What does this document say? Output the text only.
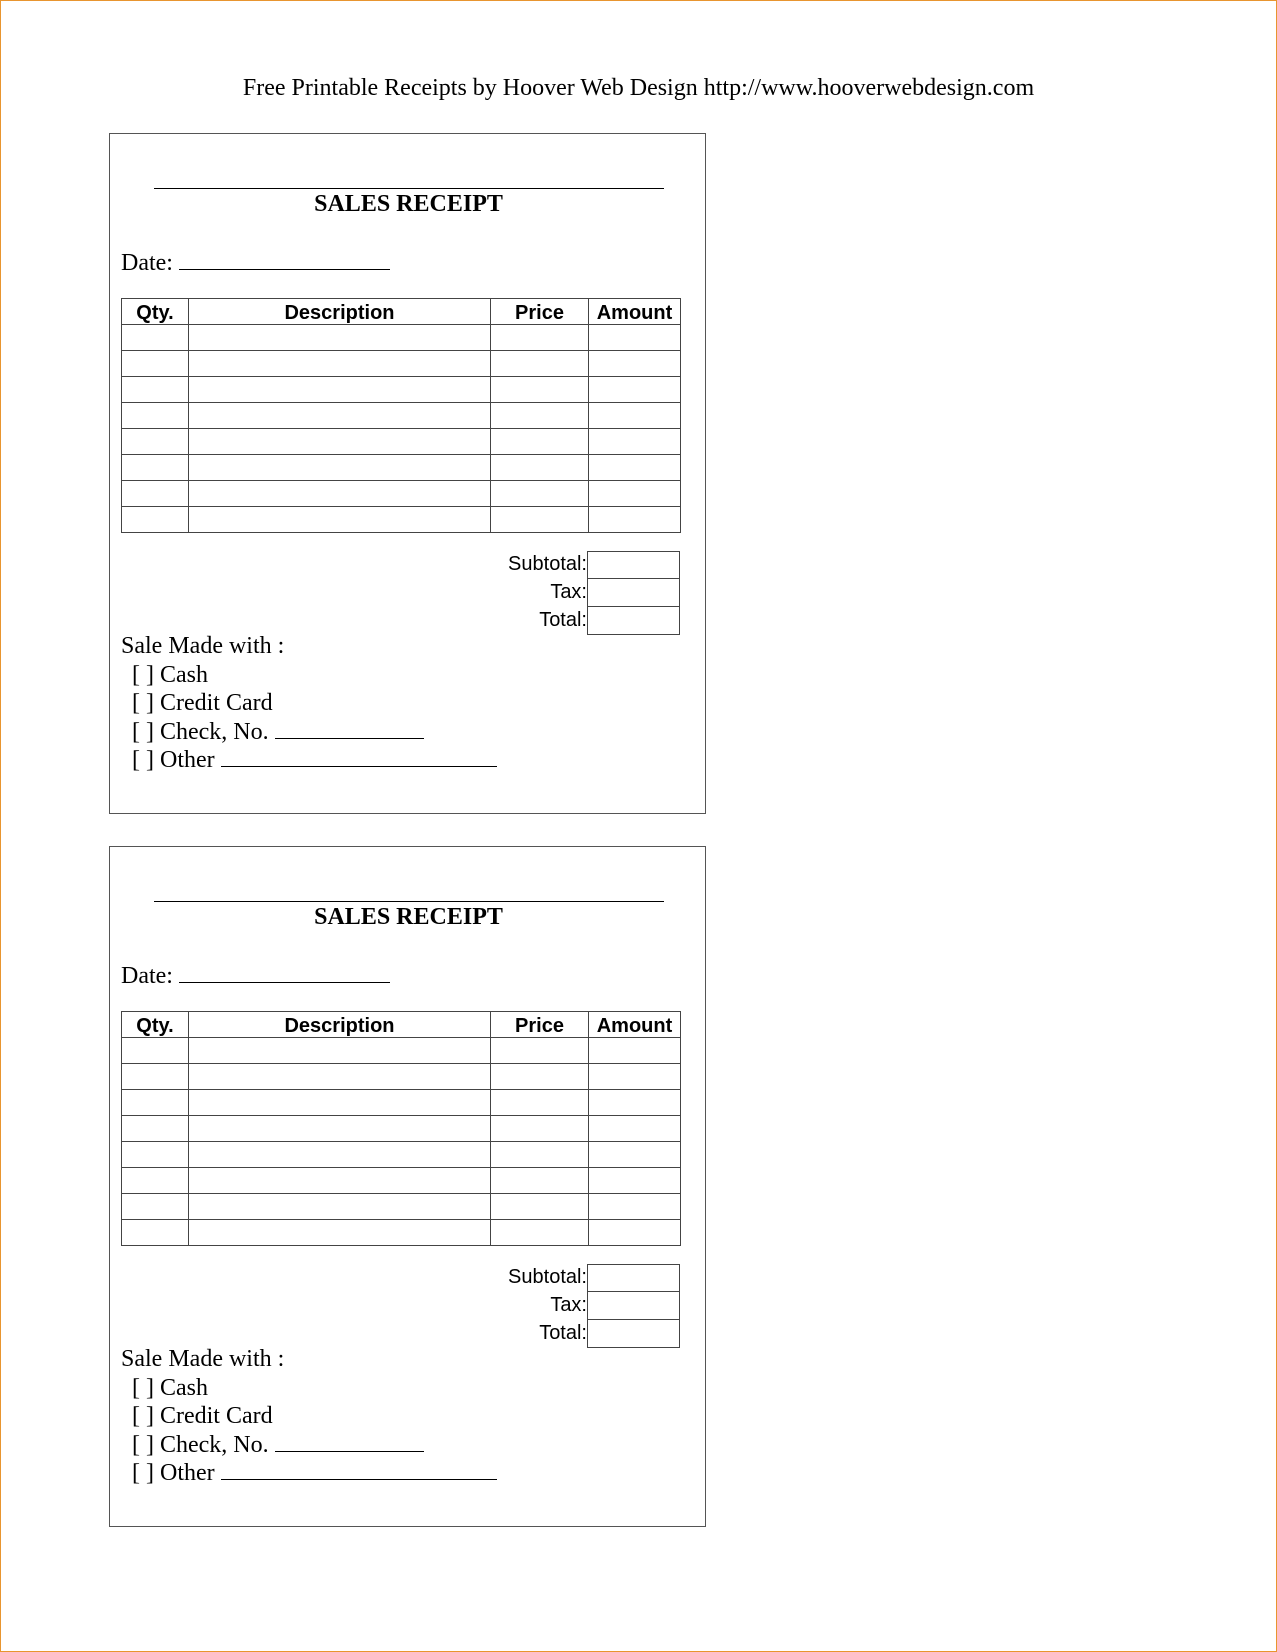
Free Printable Receipts by Hoover Web Design http://www.hooverwebdesign.com
SALES RECEIPT
Date:
Qty.	Description	Price	Amount

Subtotal:
Tax:
Total:
Sale Made with :
[ ] Cash
[ ] Credit Card
[ ] Check, No.
[ ] Other
SALES RECEIPT
Date:
Qty.	Description	Price	Amount

Subtotal:
Tax:
Total:
Sale Made with :
[ ] Cash
[ ] Credit Card
[ ] Check, No.
[ ] Other
